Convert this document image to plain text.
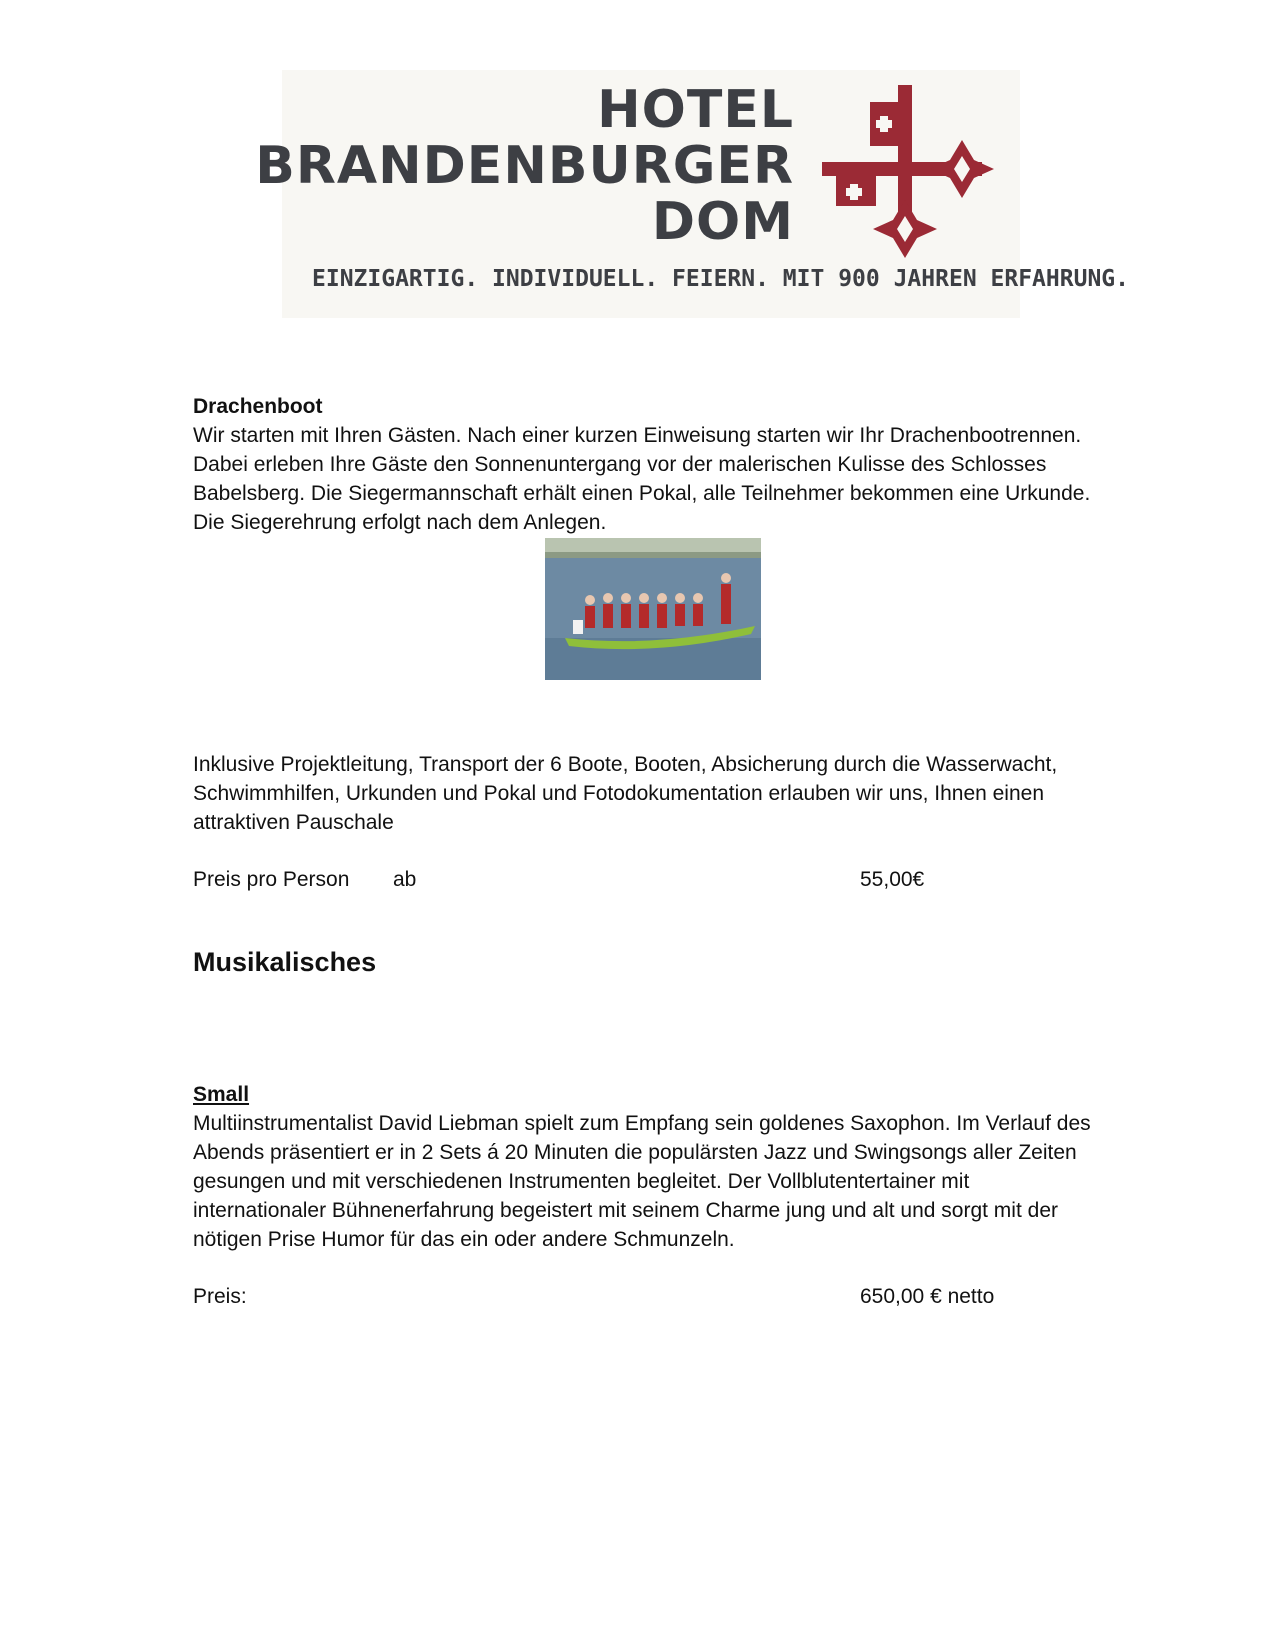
HOTEL
BRANDENBURGER
DOM
EINZIGARTIG. INDIVIDUELL. FEIERN. MIT 900 JAHREN ERFAHRUNG.

Drachenboot

Wir starten mit Ihren Gästen. Nach einer kurzen Einweisung starten wir Ihr Drachenbootrennen. Dabei erleben Ihre Gäste den Sonnenuntergang vor der malerischen Kulisse des Schlosses Babelsberg. Die Siegermannschaft erhält einen Pokal, alle Teilnehmer bekommen eine Urkunde. Die Siegerehrung erfolgt nach dem Anlegen.

Inklusive Projektleitung, Transport der 6 Boote, Booten, Absicherung durch die Wasserwacht, Schwimmhilfen, Urkunden und Pokal und Fotodokumentation erlauben wir uns, Ihnen einen attraktiven Pauschale

Preis pro Person ab	55,00€

Musikalisches

Small

Multiinstrumentalist David Liebman spielt zum Empfang sein goldenes Saxophon. Im Verlauf des Abends präsentiert er in 2 Sets á 20 Minuten die populärsten Jazz und Swingsongs aller Zeiten gesungen und mit verschiedenen Instrumenten begleitet. Der Vollblutentertainer mit internationaler Bühnenerfahrung begeistert mit seinem Charme jung und alt und sorgt mit der nötigen Prise Humor für das ein oder andere Schmunzeln.

Preis:	650,00 € netto
